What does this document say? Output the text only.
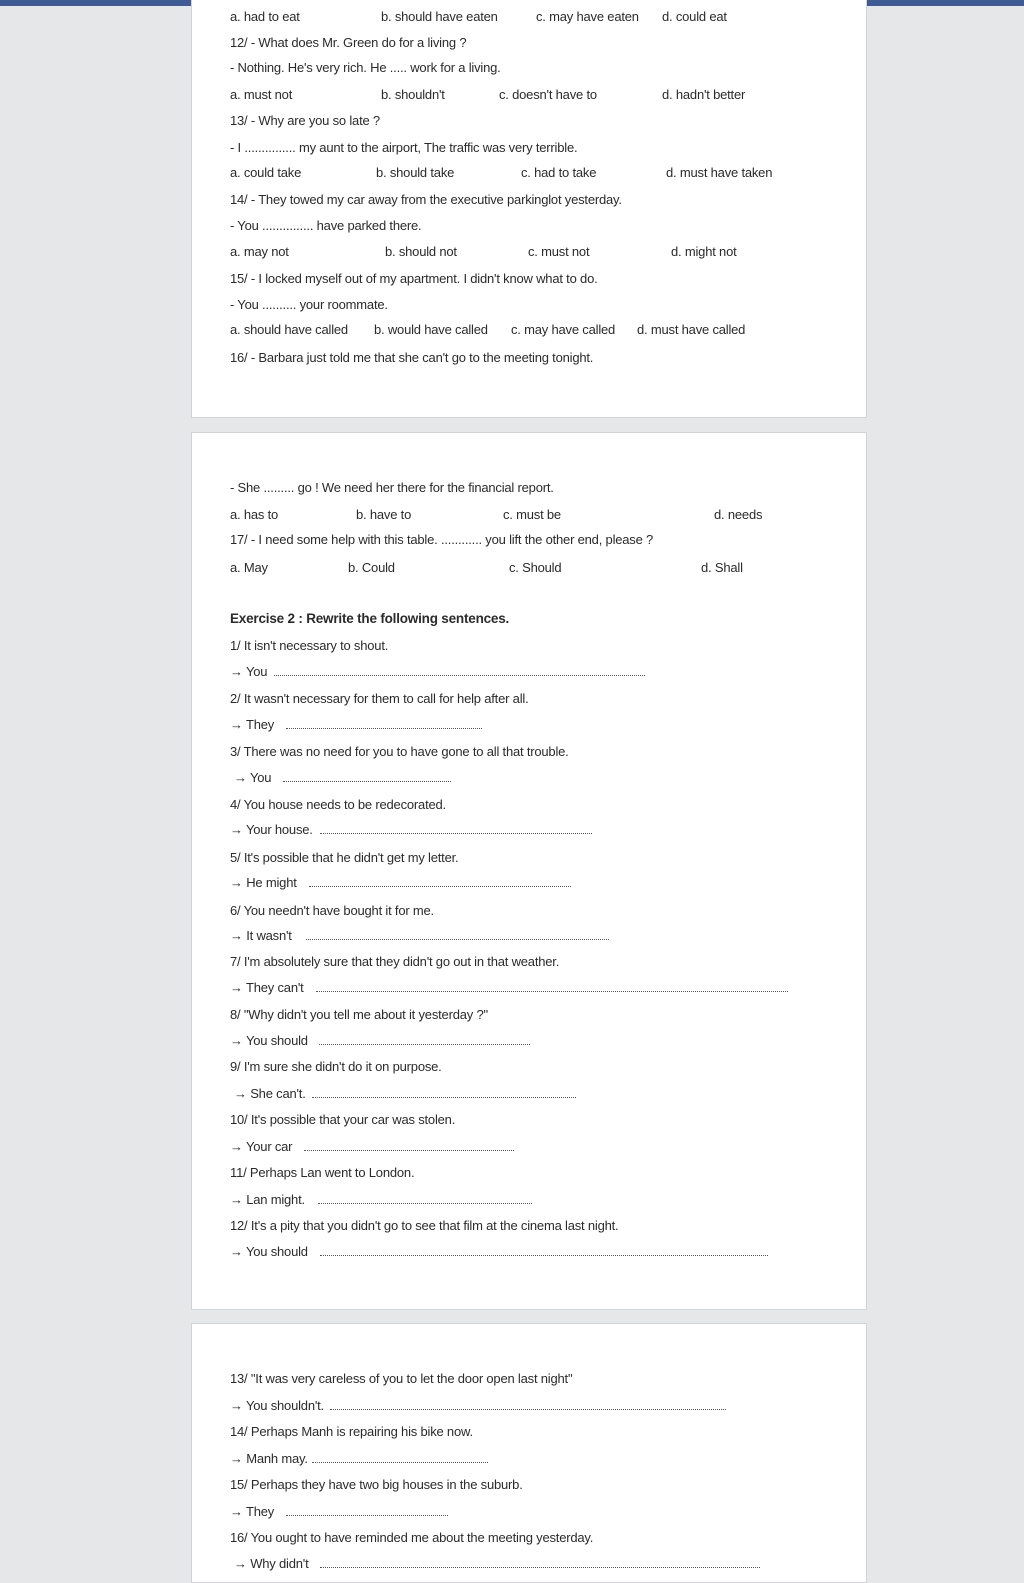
a. had to eat	b. should have eaten	c. may have eaten d. could eat
12/ - What does Mr. Green do for a living ?
- Nothing. He's very rich. He ..... work for a living.
a. must not	b. shouldn't	c. doesn't have to	d. hadn't better
13/ - Why are you so late ?
- I ............... my aunt to the airport, The traffic was very terrible.
a. could take	b. should take	c. had to take	d. must have taken
14/ - They towed my car away from the executive parkinglot yesterday.
- You ............... have parked there.
a. may not	b. should not	c. must not	d. might not
15/ - I locked myself out of my apartment. I didn't know what to do.
- You .......... your roommate.
a. should have called b. would have called c. may have called d. must have called
16/ - Barbara just told me that she can't go to the meeting tonight.
- She ......... go ! We need her there for the financial report.
a. has to	b. have to	c. must be	d. needs
17/ - I need some help with this table. ............ you lift the other end, please ?
a. May	b. Could	c. Should	d. Shall
Exercise 2 : Rewrite the following sentences.
1/ It isn't necessary to shout.
→ You
2/ It wasn't necessary for them to call for help after all.
→ They
3/ There was no need for you to have gone to all that trouble.
→ You
4/ You house needs to be redecorated.
→ Your house.
5/ It's possible that he didn't get my letter.
→ He might
6/ You needn't have bought it for me.
→ It wasn't
7/ I'm absolutely sure that they didn't go out in that weather.
→ They can't
8/ "Why didn't you tell me about it yesterday ?"
→ You should
9/ I'm sure she didn't do it on purpose.
→ She can't.
10/ It's possible that your car was stolen.
→ Your car
11/ Perhaps Lan went to London.
→ Lan might.
12/ It's a pity that you didn't go to see that film at the cinema last night.
→ You should
13/ "It was very careless of you to let the door open last night"
→ You shouldn't.
14/ Perhaps Manh is repairing his bike now.
→ Manh may.
15/ Perhaps they have two big houses in the suburb.
→ They
16/ You ought to have reminded me about the meeting yesterday.
→ Why didn't
